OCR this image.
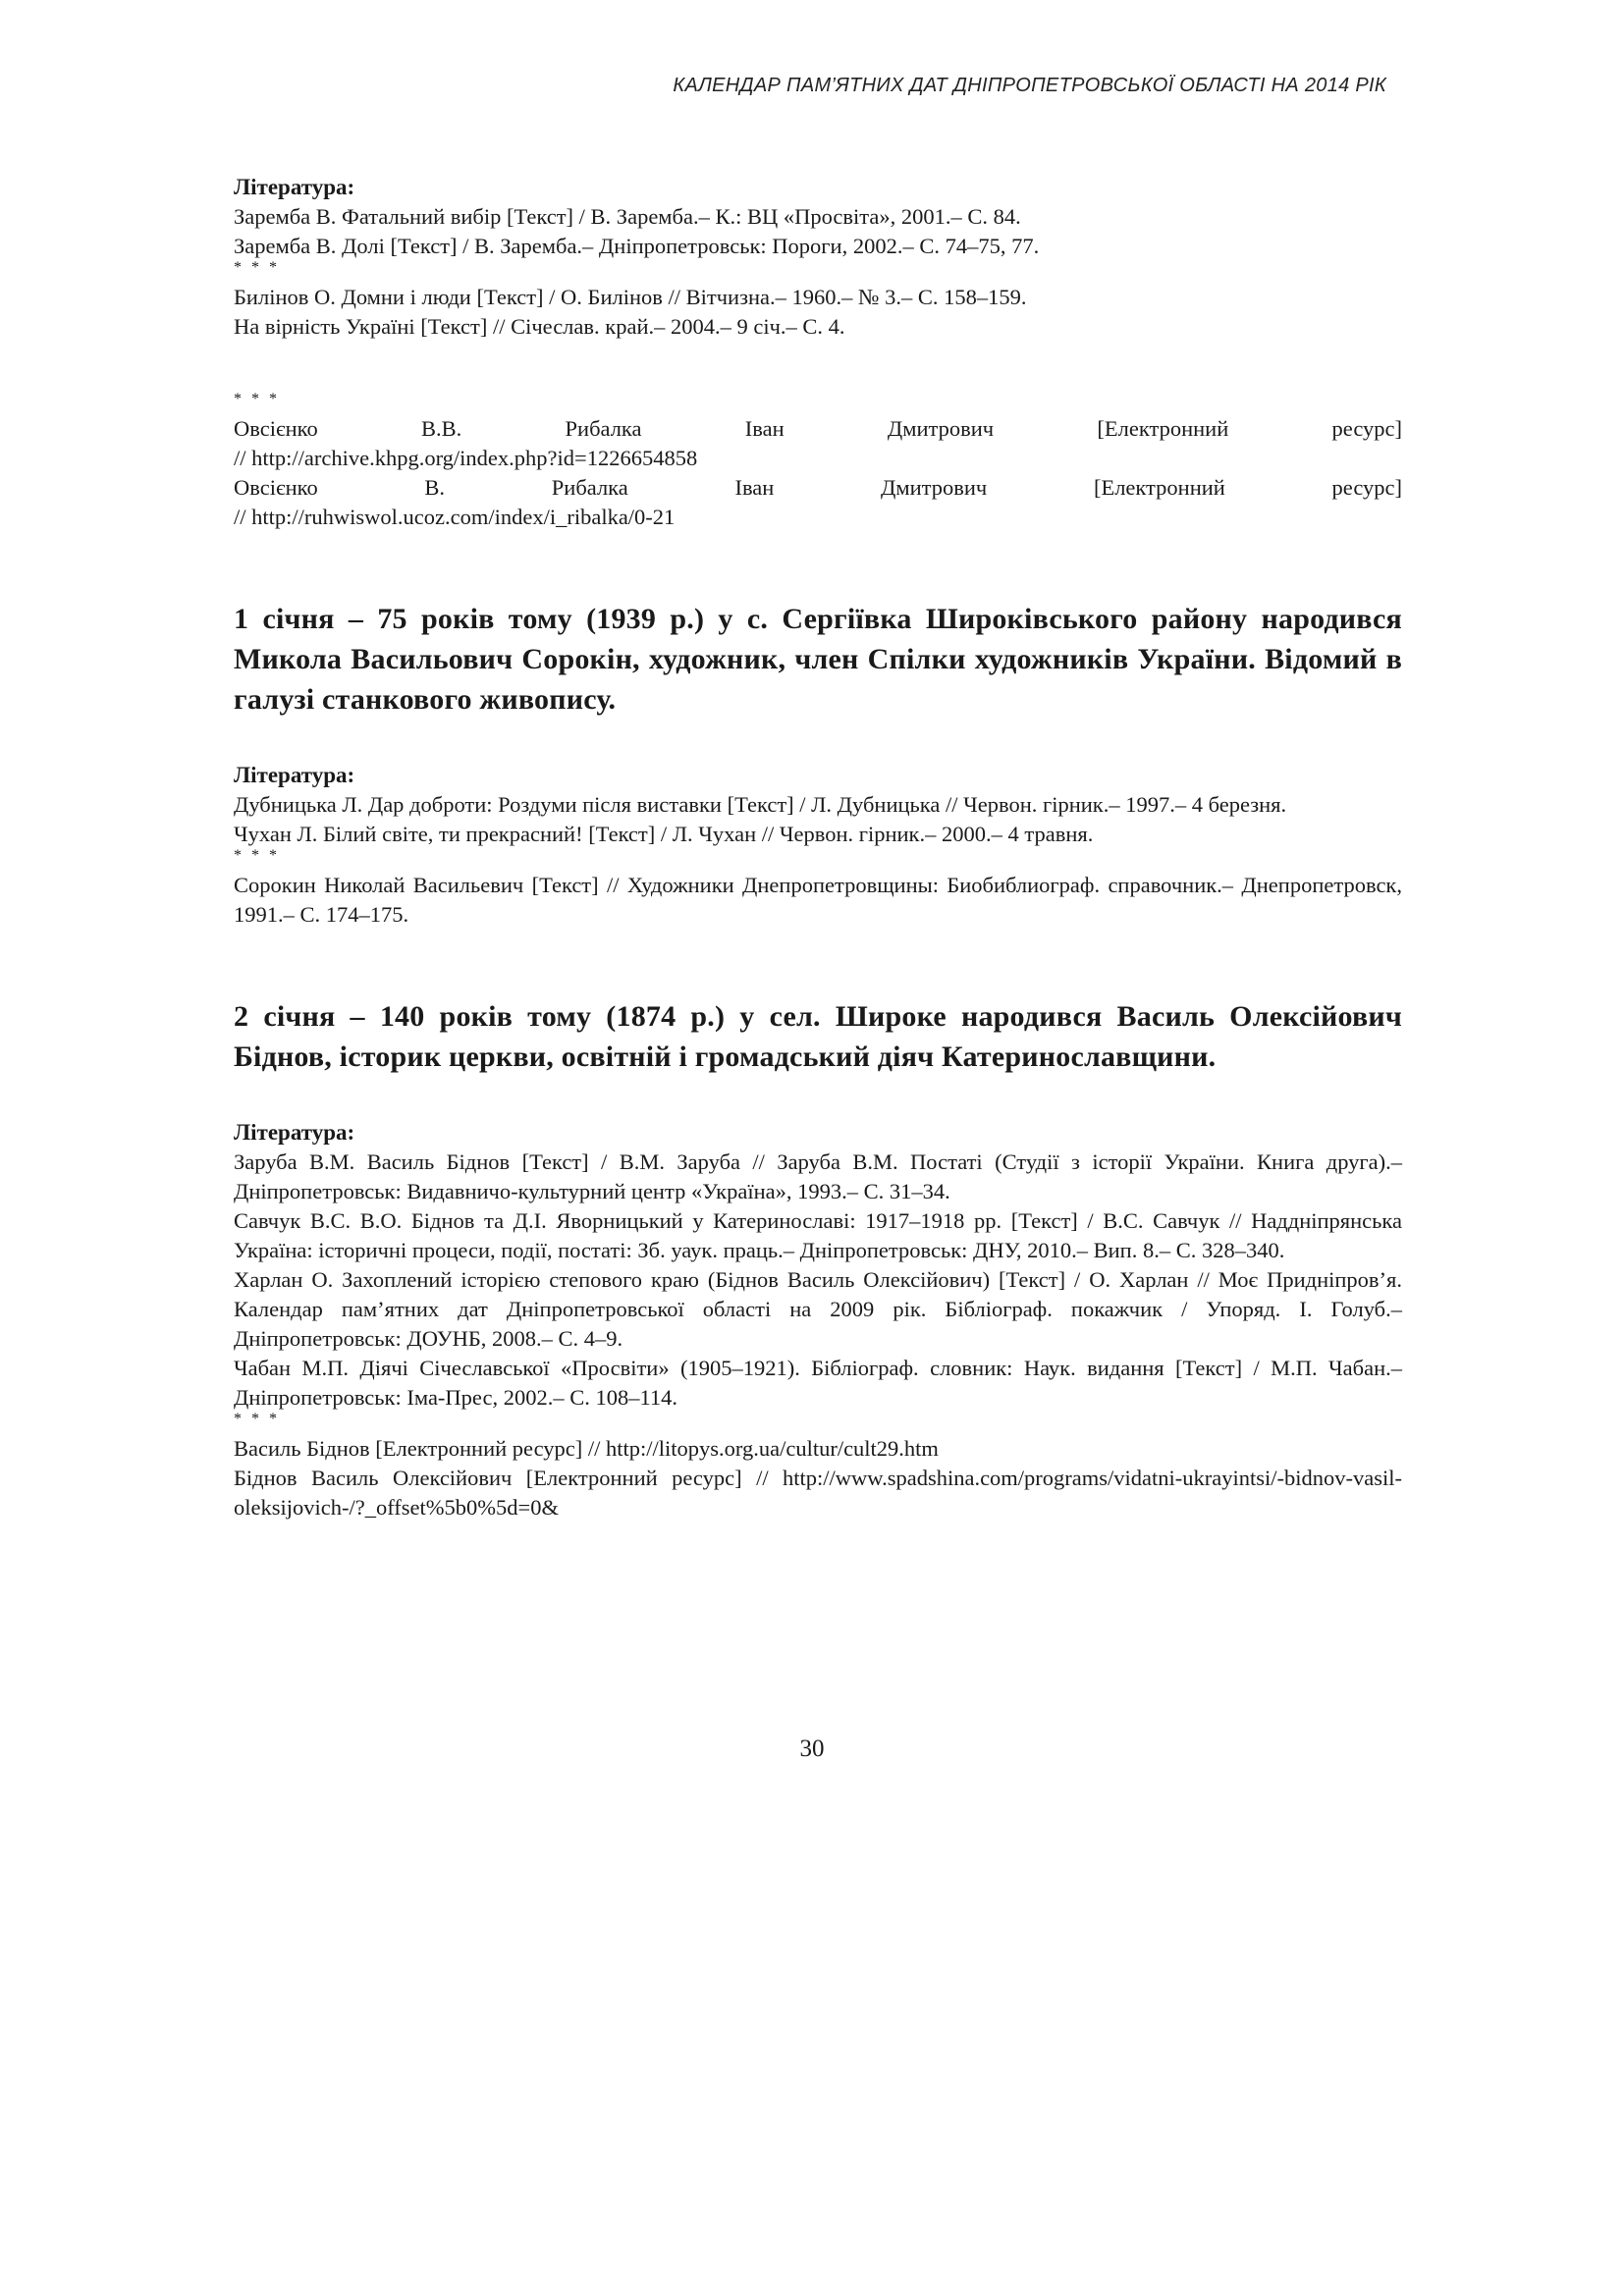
КАЛЕНДАР ПАМ’ЯТНИХ ДАТ ДНІПРОПЕТРОВСЬКОЇ ОБЛАСТІ НА 2014 РІК
Література:
Заремба В. Фатальний вибір [Текст] / В. Заремба.– К.: ВЦ «Просвіта», 2001.– С. 84.
Заремба В. Долі [Текст] / В. Заремба.– Дніпропетровськ: Пороги, 2002.– С. 74–75, 77.
* * *
Билінов О. Домни і люди [Текст] / О. Билінов // Вітчизна.– 1960.– № 3.– С. 158–159.
На вірність Україні [Текст] // Січеслав. край.– 2004.– 9 січ.– С. 4.
* * *
Овсієнко	В.В.	Рибалка	Іван	Дмитрович	[Електронний	ресурс]
// http://archive.khpg.org/index.php?id=1226654858
Овсієнко	В.	Рибалка	Іван	Дмитрович	[Електронний	ресурс]
// http://ruhwiswol.ucoz.com/index/i_ribalka/0-21
1 січня – 75 років тому (1939 р.) у с. Сергіївка Широківського району народився Микола Васильович Сорокін, художник, член Спілки художників України. Відомий в галузі станкового живопису.
Література:
Дубницька Л. Дар доброти: Роздуми після виставки [Текст] / Л. Дубницька // Червон. гірник.– 1997.– 4 березня.
Чухан Л. Білий світе, ти прекрасний! [Текст] / Л. Чухан // Червон. гірник.– 2000.– 4 травня.
* * *
Сорокин Николай Васильевич [Текст] // Художники Днепропетровщины: Биобиблиограф. справочник.– Днепропетровск, 1991.– С. 174–175.
2 січня – 140 років тому (1874 р.) у сел. Широке народився Василь Олексійович Біднов, історик церкви, освітній і громадський діяч Катеринославщини.
Література:
Заруба В.М. Василь Біднов [Текст] / В.М. Заруба // Заруба В.М. Постаті (Студії з історії України. Книга друга).– Дніпропетровськ: Видавничо-культурний центр «Україна», 1993.– С. 31–34.
Савчук В.С. В.О. Біднов та Д.І. Яворницький у Катеринославі: 1917–1918 рр. [Текст] / В.С. Савчук // Наддніпрянська Україна: історичні процеси, події, постаті: Зб. уаук. праць.– Дніпропетровськ: ДНУ, 2010.– Вип. 8.– С. 328–340.
Харлан О. Захоплений історією степового краю (Біднов Василь Олексійович) [Текст] / О. Харлан // Моє Придніпров’я. Календар пам’ятних дат Дніпропетровської області на 2009 рік. Бібліограф. покажчик / Упоряд. І. Голуб.– Дніпропетровськ: ДОУНБ, 2008.– С. 4–9.
Чабан М.П. Діячі Січеславської «Просвіти» (1905–1921). Бібліограф. словник: Наук. видання [Текст] / М.П. Чабан.– Дніпропетровськ: Іма-Прес, 2002.– С. 108–114.
* * *
Василь Біднов [Електронний ресурс] // http://litopys.org.ua/cultur/cult29.htm
Біднов Василь Олексійович [Електронний ресурс] // http://www.spadshina.com/programs/vidatni-ukrayintsi/-bidnov-vasil-oleksijovich-/?_offset%5b0%5d=0&
30
